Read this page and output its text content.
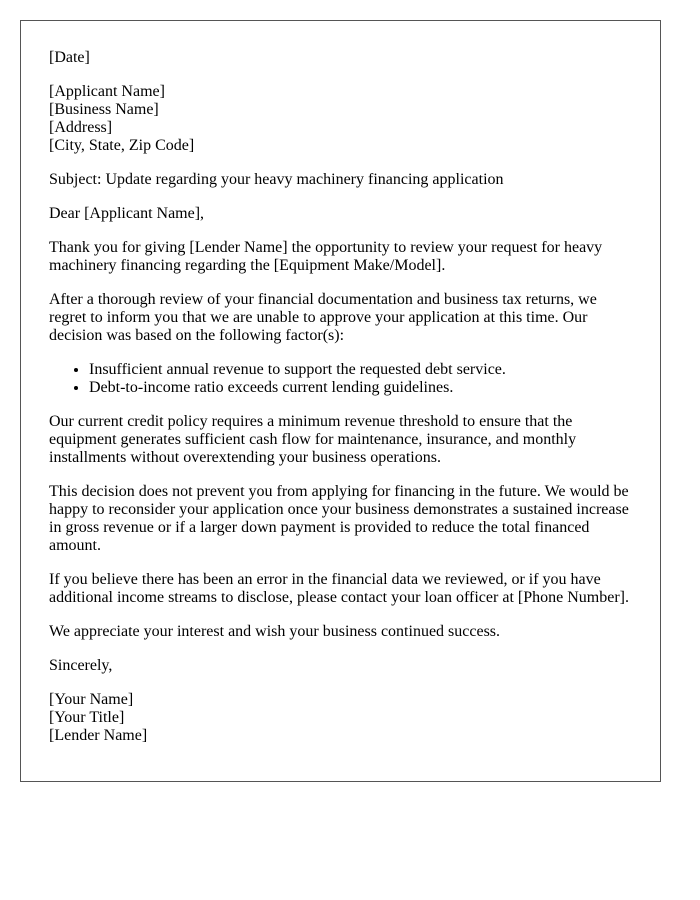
[Date]

[Applicant Name]
[Business Name]
[Address]
[City, State, Zip Code]

Subject: Update regarding your heavy machinery financing application

Dear [Applicant Name],

Thank you for giving [Lender Name] the opportunity to review your request for heavy machinery financing regarding the [Equipment Make/Model].

After a thorough review of your financial documentation and business tax returns, we regret to inform you that we are unable to approve your application at this time. Our decision was based on the following factor(s):

• Insufficient annual revenue to support the requested debt service.
• Debt-to-income ratio exceeds current lending guidelines.

Our current credit policy requires a minimum revenue threshold to ensure that the equipment generates sufficient cash flow for maintenance, insurance, and monthly installments without overextending your business operations.

This decision does not prevent you from applying for financing in the future. We would be happy to reconsider your application once your business demonstrates a sustained increase in gross revenue or if a larger down payment is provided to reduce the total financed amount.

If you believe there has been an error in the financial data we reviewed, or if you have additional income streams to disclose, please contact your loan officer at [Phone Number].

We appreciate your interest and wish your business continued success.

Sincerely,

[Your Name]
[Your Title]
[Lender Name]
